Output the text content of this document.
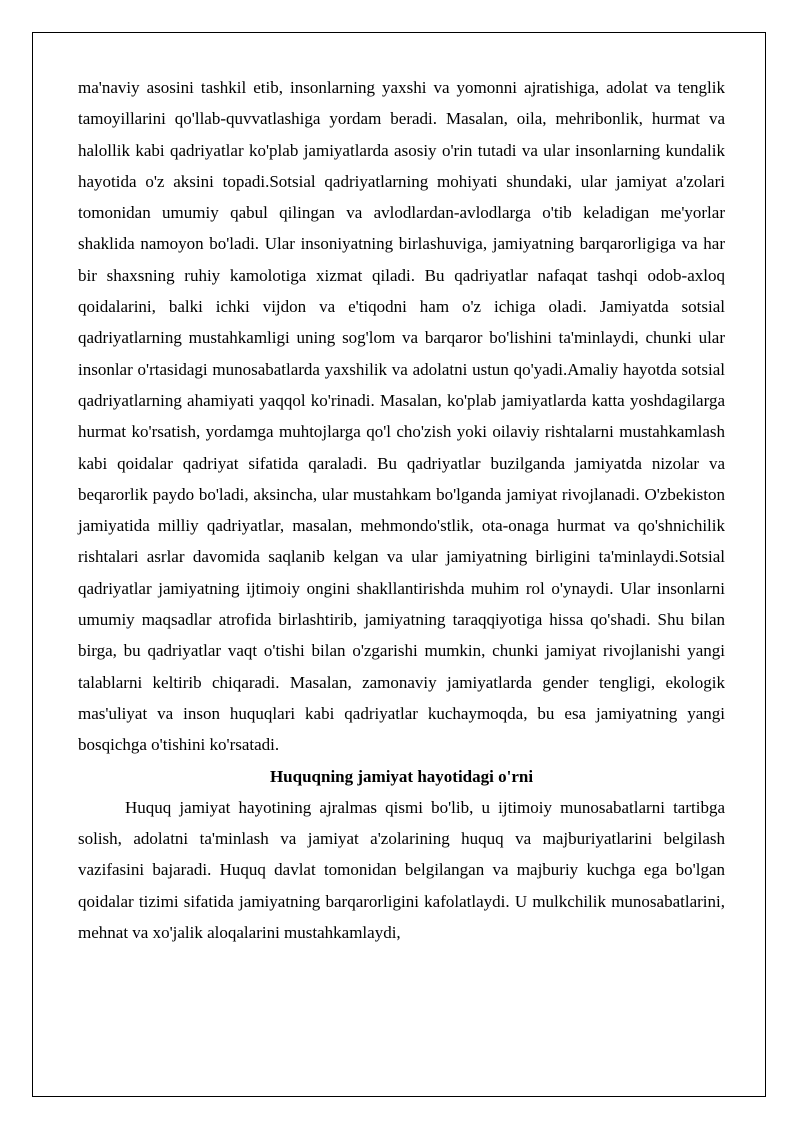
ma'naviy asosini tashkil etib, insonlarning yaxshi va yomonni ajratishiga, adolat va tenglik tamoyillarini qo'llab-quvvatlashiga yordam beradi. Masalan, oila, mehribonlik, hurmat va halollik kabi qadriyatlar ko'plab jamiyatlarda asosiy o'rin tutadi va ular insonlarning kundalik hayotida o'z aksini topadi.Sotsial qadriyatlarning mohiyati shundaki, ular jamiyat a'zolari tomonidan umumiy qabul qilingan va avlodlardan-avlodlarga o'tib keladigan me'yorlar shaklida namoyon bo'ladi. Ular insoniyatning birlashuviga, jamiyatning barqarorligiga va har bir shaxsning ruhiy kamolotiga xizmat qiladi. Bu qadriyatlar nafaqat tashqi odob-axloq qoidalarini, balki ichki vijdon va e'tiqodni ham o'z ichiga oladi. Jamiyatda sotsial qadriyatlarning mustahkamligi uning sog'lom va barqaror bo'lishini ta'minlaydi, chunki ular insonlar o'rtasidagi munosabatlarda yaxshilik va adolatni ustun qo'yadi.Amaliy hayotda sotsial qadriyatlarning ahamiyati yaqqol ko'rinadi. Masalan, ko'plab jamiyatlarda katta yoshdagilarga hurmat ko'rsatish, yordamga muhtojlarga qo'l cho'zish yoki oilaviy rishtalarni mustahkamlash kabi qoidalar qadriyat sifatida qaraladi. Bu qadriyatlar buzilganda jamiyatda nizolar va beqarorlik paydo bo'ladi, aksincha, ular mustahkam bo'lganda jamiyat rivojlanadi. O'zbekiston jamiyatida milliy qadriyatlar, masalan, mehmondo'stlik, ota-onaga hurmat va qo'shnichilik rishtalari asrlar davomida saqlanib kelgan va ular jamiyatning birligini ta'minlaydi.Sotsial qadriyatlar jamiyatning ijtimoiy ongini shakllantirishda muhim rol o'ynaydi. Ular insonlarni umumiy maqsadlar atrofida birlashtirib, jamiyatning taraqqiyotiga hissa qo'shadi. Shu bilan birga, bu qadriyatlar vaqt o'tishi bilan o'zgarishi mumkin, chunki jamiyat rivojlanishi yangi talablarni keltirib chiqaradi. Masalan, zamonaviy jamiyatlarda gender tengligi, ekologik mas'uliyat va inson huquqlari kabi qadriyatlar kuchaymoqda, bu esa jamiyatning yangi bosqichga o'tishini ko'rsatadi.

Huquqning jamiyat hayotidagi o'rni

Huquq jamiyat hayotining ajralmas qismi bo'lib, u ijtimoiy munosabatlarni tartibga solish, adolatni ta'minlash va jamiyat a'zolarining huquq va majburiyatlarini belgilash vazifasini bajaradi. Huquq davlat tomonidan belgilangan va majburiy kuchga ega bo'lgan qoidalar tizimi sifatida jamiyatning barqarorligini kafolatlaydi. U mulkchilik munosabatlarini, mehnat va xo'jalik aloqalarini mustahkamlaydi,
